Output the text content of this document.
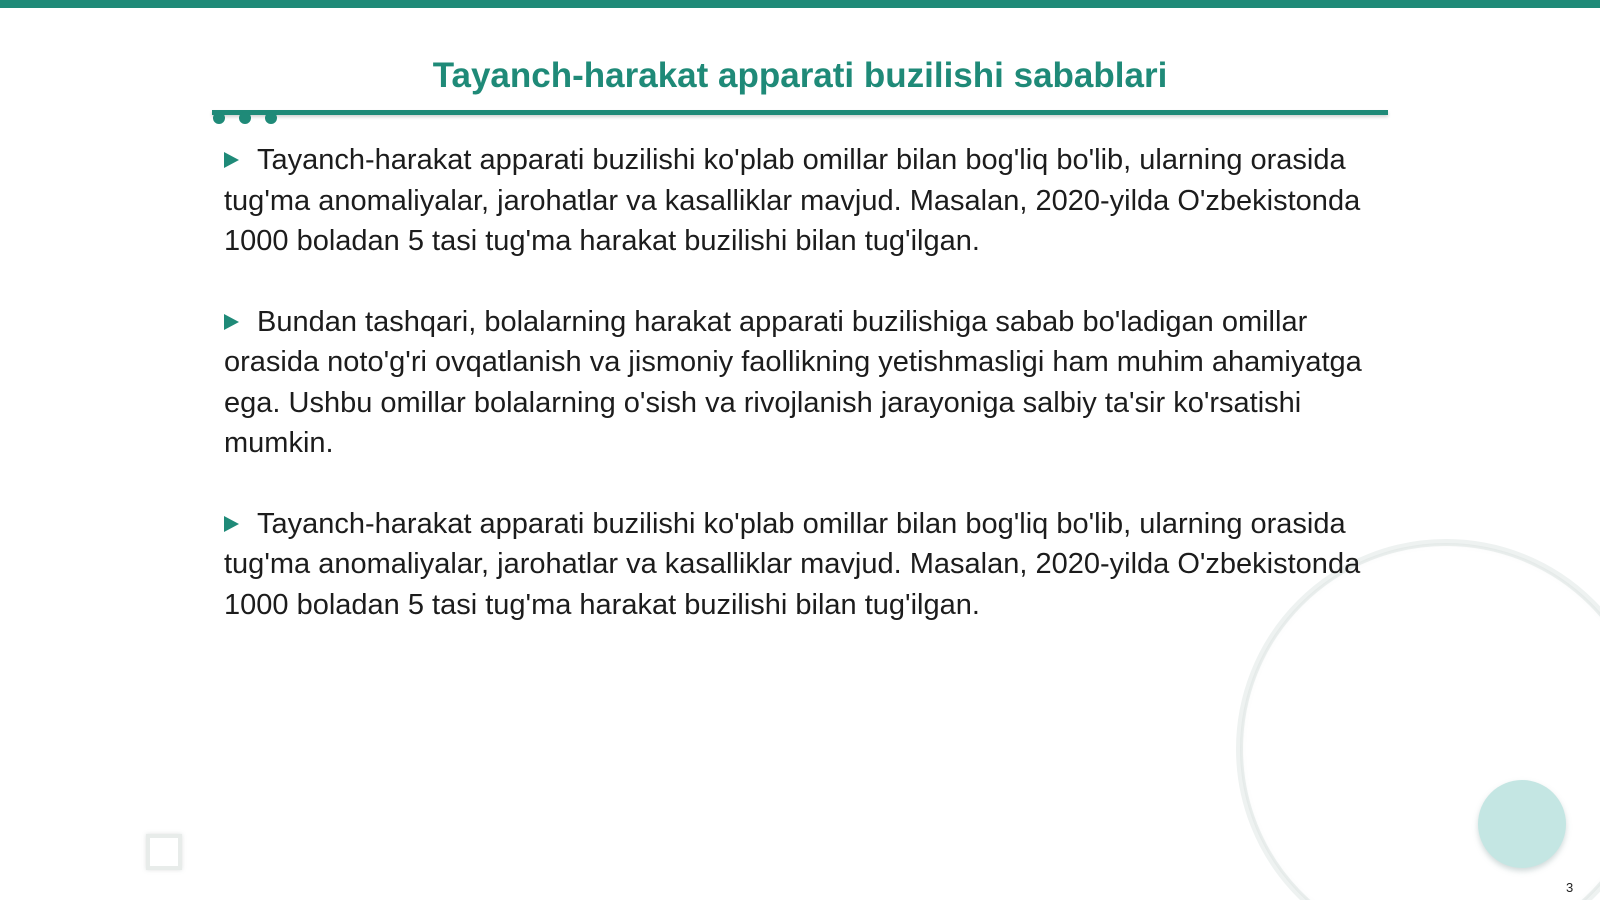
Tayanch-harakat apparati buzilishi sabablari

Tayanch-harakat apparati buzilishi ko'plab omillar bilan bog'liq bo'lib, ularning orasida tug'ma anomaliyalar, jarohatlar va kasalliklar mavjud. Masalan, 2020-yilda O'zbekistonda 1000 boladan 5 tasi tug'ma harakat buzilishi bilan tug'ilgan.

Bundan tashqari, bolalarning harakat apparati buzilishiga sabab bo'ladigan omillar orasida noto'g'ri ovqatlanish va jismoniy faollikning yetishmasligi ham muhim ahamiyatga ega. Ushbu omillar bolalarning o'sish va rivojlanish jarayoniga salbiy ta'sir ko'rsatishi mumkin.

Tayanch-harakat apparati buzilishi ko'plab omillar bilan bog'liq bo'lib, ularning orasida tug'ma anomaliyalar, jarohatlar va kasalliklar mavjud. Masalan, 2020-yilda O'zbekistonda 1000 boladan 5 tasi tug'ma harakat buzilishi bilan tug'ilgan.

3
